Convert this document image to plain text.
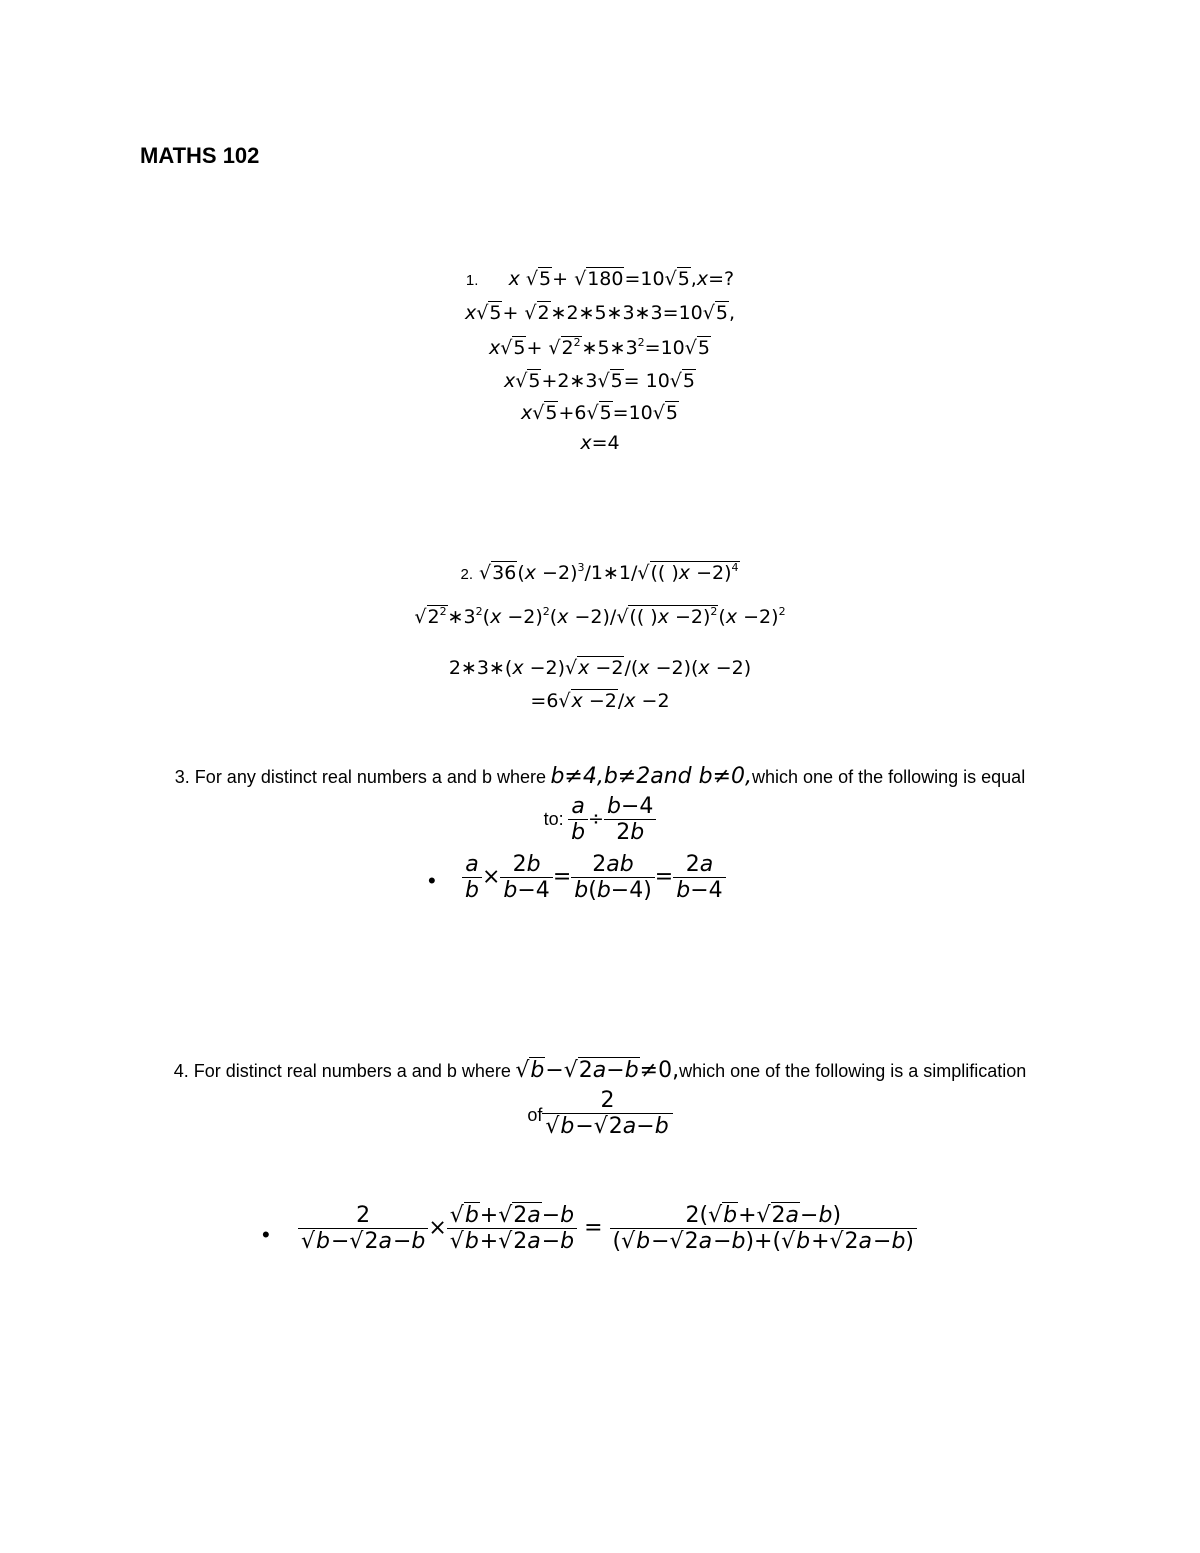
MATHS 102
1. x √5+ √180=10√5,x=?
x√5+ √2∗2∗5∗3∗3=10√5,
$x√5+ √2^2∗5∗3^2=10√5$
x√5+2∗3√5= 10√5
x√5+6√5=10√5
x=4
2. $√36(x -2)^3/1∗1/√$(( )x −2)$^4$
$√2^2∗3^2(x -2)^2(x -2)/√$(( )$x -2)^2(x -2)^2$
2∗3∗(x −2)√x −2/(x −2)(x −2)
=6√x −2/x −2
3. For any distinct real numbers a and b where b≠4,b≠2and b≠0,which one of the following is equal
to: $\frac{a}{b} \div \frac{b-4}{2b}$
• $\frac{a}{b} \times \frac{2b}{b-4} = \frac{2ab}{b(b-4)} = \frac{2a}{b-4}$
4. For distinct real numbers a and b where √b−√2a−b≠0,which one of the following is a simplification
of $\frac{2}{√b-√2a-b}$
• $\frac{2}{√b-√2a-b} \times \frac{√b+√2a-b}{√b+√2a-b} = \frac{2(√b+√2a-b)}{(√b-√2a-b)+(√b+√2a-b)}$
